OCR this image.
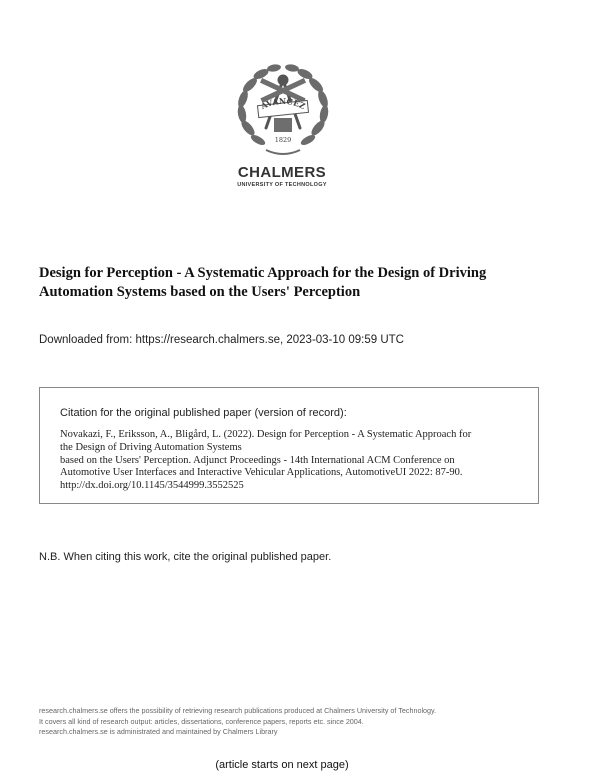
AVANCEZ
1829
CHALMERS
UNIVERSITY OF TECHNOLOGY
Design for Perception - A Systematic Approach for the Design of Driving
Automation Systems based on the Users' Perception
Downloaded from: https://research.chalmers.se, 2023-03-10 09:59 UTC
Citation for the original published paper (version of record):
Novakazi, F., Eriksson, A., Bligård, L. (2022). Design for Perception - A Systematic Approach for
the Design of Driving Automation Systems
based on the Users' Perception. Adjunct Proceedings - 14th International ACM Conference on
Automotive User Interfaces and Interactive Vehicular Applications, AutomotiveUI 2022: 87-90.
http://dx.doi.org/10.1145/3544999.3552525
N.B. When citing this work, cite the original published paper.
research.chalmers.se offers the possibility of retrieving research publications produced at Chalmers University of Technology.
It covers all kind of research output: articles, dissertations, conference papers, reports etc. since 2004.
research.chalmers.se is administrated and maintained by Chalmers Library
(article starts on next page)
